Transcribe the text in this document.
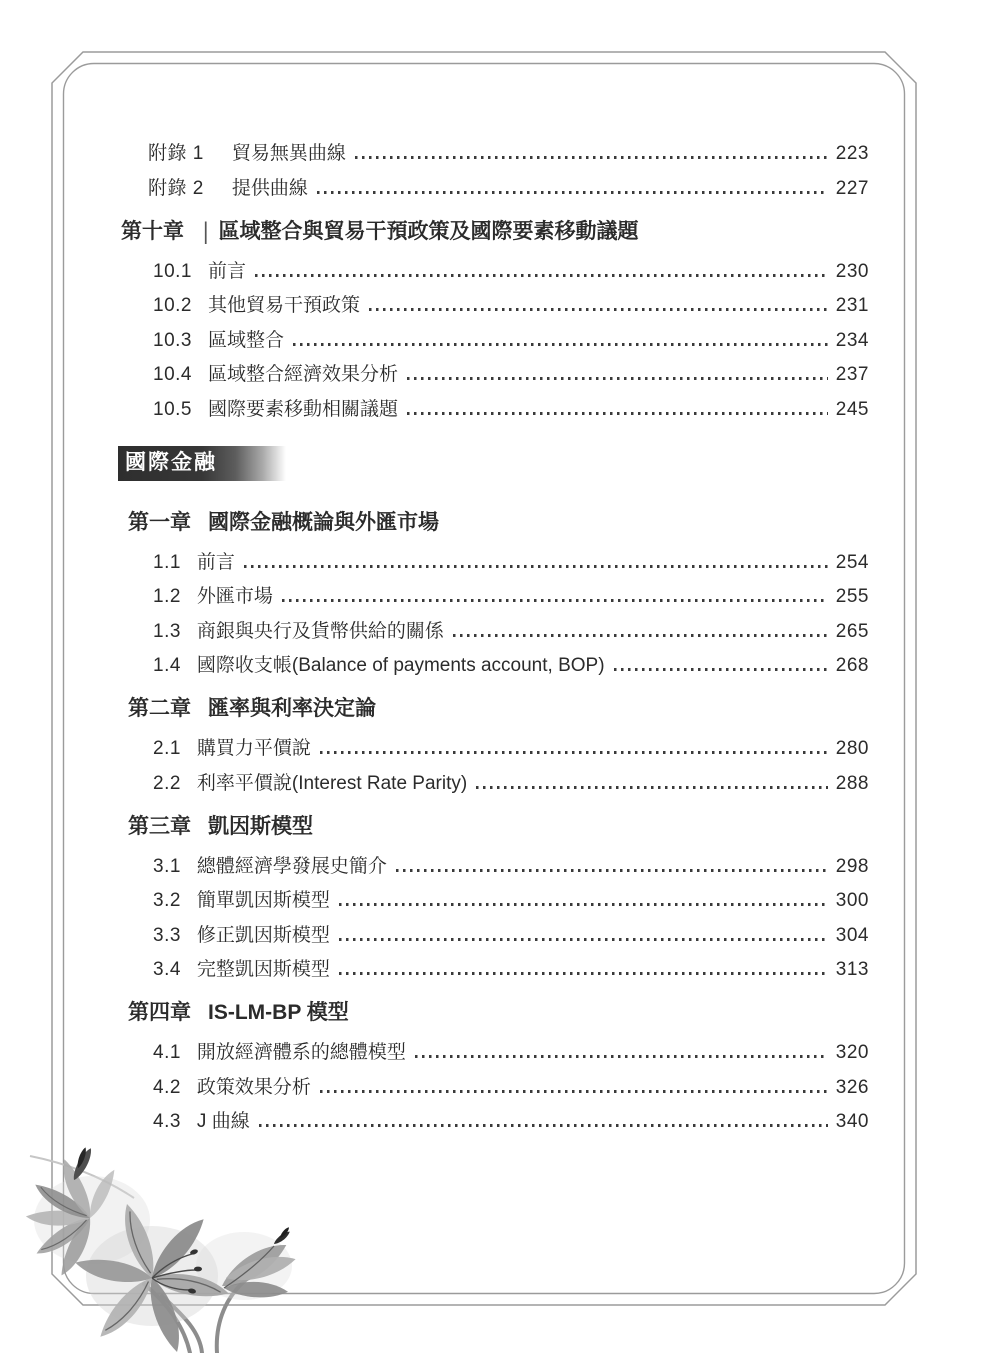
附錄 1 貿易無異曲線	223
附錄 2 提供曲線	227
第十章 | 區域整合與貿易干預政策及國際要素移動議題
10.1 前言	230
10.2 其他貿易干預政策	231
10.3 區域整合	234
10.4 區域整合經濟效果分析	237
10.5 國際要素移動相關議題	245
國際金融
第一章 國際金融概論與外匯市場
1.1 前言	254
1.2 外匯市場	255
1.3 商銀與央行及貨幣供給的關係	265
1.4 國際收支帳(Balance of payments account, BOP)	268
第二章 匯率與利率決定論
2.1 購買力平價說	280
2.2 利率平價說(Interest Rate Parity)	288
第三章 凱因斯模型
3.1 總體經濟學發展史簡介	298
3.2 簡單凱因斯模型	300
3.3 修正凱因斯模型	304
3.4 完整凱因斯模型	313
第四章 IS-LM-BP 模型
4.1 開放經濟體系的總體模型	320
4.2 政策效果分析	326
4.3 J 曲線	340
